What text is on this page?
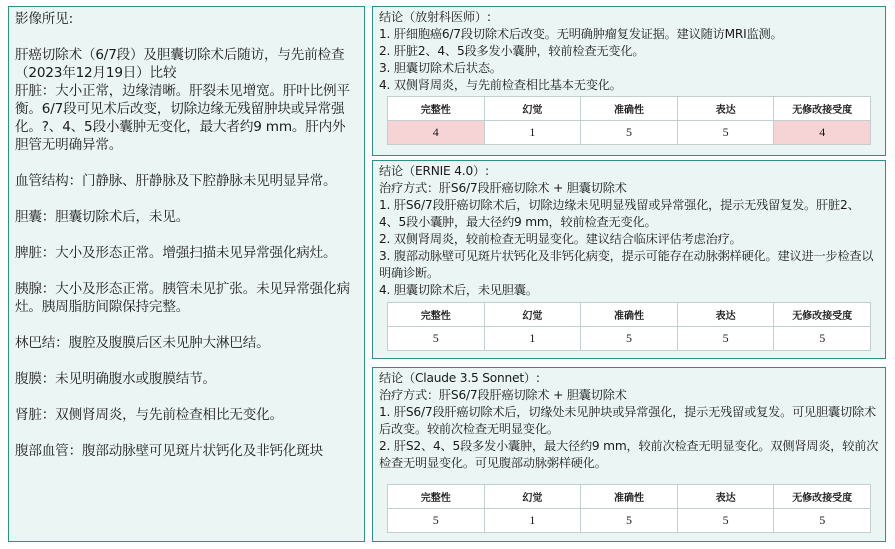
影像所见:
肝癌切除术（6/7段）及胆囊切除术后随访，与先前检查（2023年12月19日）比较
肝脏：大小正常，边缘清晰。肝裂未见增宽。肝叶比例平衡。6/7段可见术后改变，切除边缘无残留肿块或异常强化。?、4、5段小囊肿无变化，最大者约9 mm。肝内外胆管无明确异常。
血管结构：门静脉、肝静脉及下腔静脉未见明显异常。
胆囊：胆囊切除术后，未见。
脾脏：大小及形态正常。增强扫描未见异常强化病灶。
胰腺：大小及形态正常。胰管未见扩张。未见异常强化病灶。胰周脂肪间隙保持完整。
林巴结：腹腔及腹膜后区未见肿大淋巴结。
腹膜：未见明确腹水或腹膜结节。
肾脏：双侧肾周炎，与先前检查相比无变化。
腹部血管：腹部动脉壁可见斑片状钙化及非钙化斑块
结论（放射科医师）:
1. 肝细胞癌6/7段切除术后改变。无明确肿瘤复发证据。建议随访MRI监测。
2. 肝脏2、4、5段多发小囊肿，较前检查无变化。
3. 胆囊切除术后状态。
4. 双侧肾周炎，与先前检查相比基本无变化。
完整性	幻觉	准确性	表达	无修改接受度
4	1	5	5	4
结论（ERNIE 4.0）:
治疗方式：肝S6/7段肝癌切除术 + 胆囊切除术
1. 肝S6/7段肝癌切除术后，切除边缘未见明显残留或异常强化，提示无残留复发。肝脏2、4、5段小囊肿，最大径约9 mm，较前检查无变化。
2. 双侧肾周炎，较前检查无明显变化。建议结合临床评估考虑治疗。
3. 腹部动脉壁可见斑片状钙化及非钙化病变，提示可能存在动脉粥样硬化。建议进一步检查以明确诊断。
4. 胆囊切除术后，未见胆囊。
完整性	幻觉	准确性	表达	无修改接受度
5	1	5	5	5
结论（Claude 3.5 Sonnet）:
治疗方式：肝S6/7段肝癌切除术 + 胆囊切除术
1. 肝S6/7段肝癌切除术后，切缘处未见肿块或异常强化，提示无残留或复发。可见胆囊切除术后改变。较前次检查无明显变化。
2. 肝S2、4、5段多发小囊肿，最大径约9 mm，较前次检查无明显变化。双侧肾周炎，较前次检查无明显变化。可见腹部动脉粥样硬化。
完整性	幻觉	准确性	表达	无修改接受度
5	1	5	5	5
